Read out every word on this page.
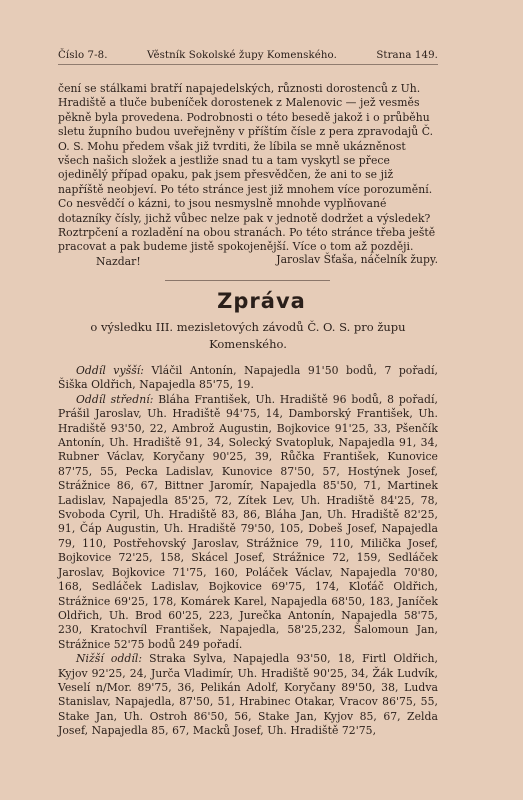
Číslo 7-8.	Věstník Sokolské župy Komenského.	Strana 149.
čení se stálkami bratří napajedelských, různosti dorostenců z Uh. Hradiště a tluče bubeníček dorostenek z Malenovic — jež vesměs pěkně byla provedena. Podrobnosti o této besedě jakož i o průběhu sletu župního budou uveřejněny v příštím čísle z pera zpravodajů Č. O. S. Mohu předem však již tvrditi, že líbila se mně ukázněnost všech našich složek a jestliže snad tu a tam vyskytl se přece ojedinělý případ opaku, pak jsem přesvědčen, že ani to se již napříště neobjeví. Po této stránce jest již mnohem více porozumění. Co nesvědčí o kázni, to jsou nesmyslně mnohde vyplňované dotazníky čísly, jichž vůbec nelze pak v jednotě dodržet a výsledek? Roztrpčení a rozladění na obou stranách. Po této stránce třeba ještě pracovat a pak budeme jistě spokojenější. Více o tom až později. Nazdar!	Jaroslav Šťaša, náčelník župy.
Zpráva
o výsledku III. mezisletových závodů Č. O. S. pro župu Komenského.

Oddíl vyšší: Vláčil Antonín, Napajedla 91'50 bodů, 7 pořadí, Šiška Oldřich, Napajedla 85'75, 19.

Oddíl střední: Bláha František, Uh. Hradiště 96 bodů, 8 pořadí, Prášil Jaroslav, Uh. Hradiště 94'75, 14, Damborský František, Uh. Hradiště 93'50, 22, Ambrož Augustin, Bojkovice 91'25, 33, Pšenčík Antonín, Uh. Hradiště 91, 34, Solecký Svatopluk, Napajedla 91, 34, Rubner Václav, Koryčany 90'25, 39, Růčka František, Kunovice 87'75, 55, Pecka Ladislav, Kunovice 87'50, 57, Hostýnek Josef, Strážnice 86, 67, Bittner Jaromír, Napajedla 85'50, 71, Martinek Ladislav, Napajedla 85'25, 72, Zítek Lev, Uh. Hradiště 84'25, 78, Svoboda Cyril, Uh. Hradiště 83, 86, Bláha Jan, Uh. Hradiště 82'25, 91, Čáp Augustin, Uh. Hradiště 79'50, 105, Dobeš Josef, Napajedla 79, 110, Postřehovský Jaroslav, Strážnice 79, 110, Milička Josef, Bojkovice 72'25, 158, Skácel Josef, Strážnice 72, 159, Sedláček Jaroslav, Bojkovice 71'75, 160, Poláček Václav, Napajedla 70'80, 168, Sedláček Ladislav, Bojkovice 69'75, 174, Kloťáč Oldřich, Strážnice 69'25, 178, Komárek Karel, Napajedla 68'50, 183, Janíček Oldřich, Uh. Brod 60'25, 223, Jurečka Antonín, Napajedla 58'75, 230, Kratochvíl František, Napajedla, 58'25,232, Šalomoun Jan, Strážnice 52'75 bodů 249 pořadí.

Nižší oddíl: Straka Sylva, Napajedla 93'50, 18, Firtl Oldřich, Kyjov 92'25, 24, Jurča Vladimír, Uh. Hradiště 90'25, 34, Žák Ludvík, Veselí n/Mor. 89'75, 36, Pelikán Adolf, Koryčany 89'50, 38, Ludva Stanislav, Napajedla, 87'50, 51, Hrabinec Otakar, Vracov 86'75, 55, Stake Jan, Uh. Ostroh 86'50, 56, Stake Jan, Kyjov 85, 67, Zelda Josef, Napajedla 85, 67, Macků Josef, Uh. Hradiště 72'75,
